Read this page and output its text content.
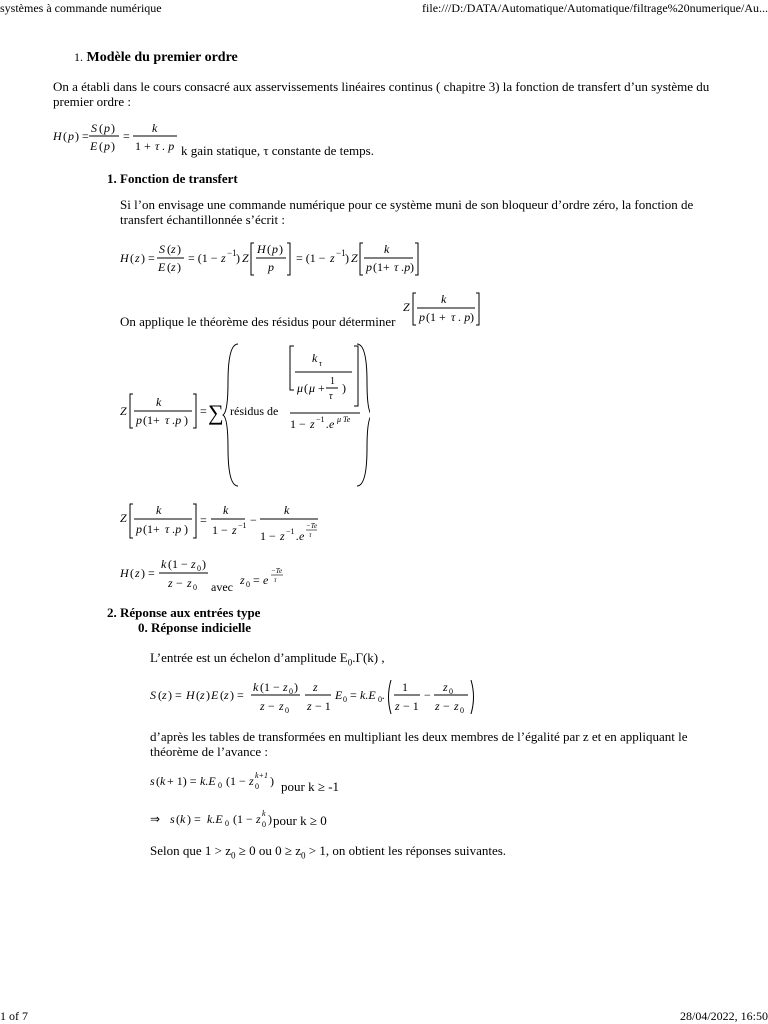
systèmes à commande numérique	file:///D:/DATA/Automatique/Automatique/filtrage%20numerique/Au...
1. Modèle du premier ordre
On a établi dans le cours consacré aux asservissements linéaires continus ( chapitre 3) la fonction de transfert d’un système du premier ordre :
H ( p ) =
S ( p )
E ( p )
=
k
1 + τ . p k gain statique, τ constante de temps.
1. Fonction de transfert
Si l’on envisage une commande numérique pour ce système muni de son bloqueur d’ordre zéro, la fonction de transfert échantillonnée s’écrit :
H ( z ) =
S ( z )
E ( z )
= (1 − z −1 ) Z
H ( p )
p
= (1 − z −1 ) Z
k
p (1+ τ .p )
On applique le théorème des résidus pour déterminer
Z
k
p (1 + τ . p )
Z
k
p (1+ τ .p )
= ∑ résidus de
k τ
μ ( μ + 1
τ
)
1 − z −1 .e μ Te
Z
k
p (1+ τ .p )
=
k
1 − z −1 −
k
1 − z −1 .e
−Te
τ
H ( z ) =
k (1 − z 0 )
z − z 0 avec z 0 = e
−Te
τ
2. Réponse aux entrées type
0. Réponse indicielle
L’entrée est un échelon d’amplitude $E_0.\Gamma(k)$ ,
S ( z ) = H ( z ) E ( z ) =
k (1 − z 0 )
z − z 0
z
z − 1
E 0 = k.E 0 .
1
z − 1
−
z 0
z − z 0
d’après les tables de transformées en multipliant les deux membres de l’égalité par z et en appliquant le théorème de l’avance :
s ( k + 1) = k.E 0 (1 − z k+1
0 ) pour k ≥ -1
⇒ s ( k ) = k.E 0 (1 − z k
0 ) pour k ≥ 0
Selon que $1 > z_0 \ge 0$ ou $0 \ge z_0 > 1$, on obtient les réponses suivantes.
1 of 7	28/04/2022, 16:50
